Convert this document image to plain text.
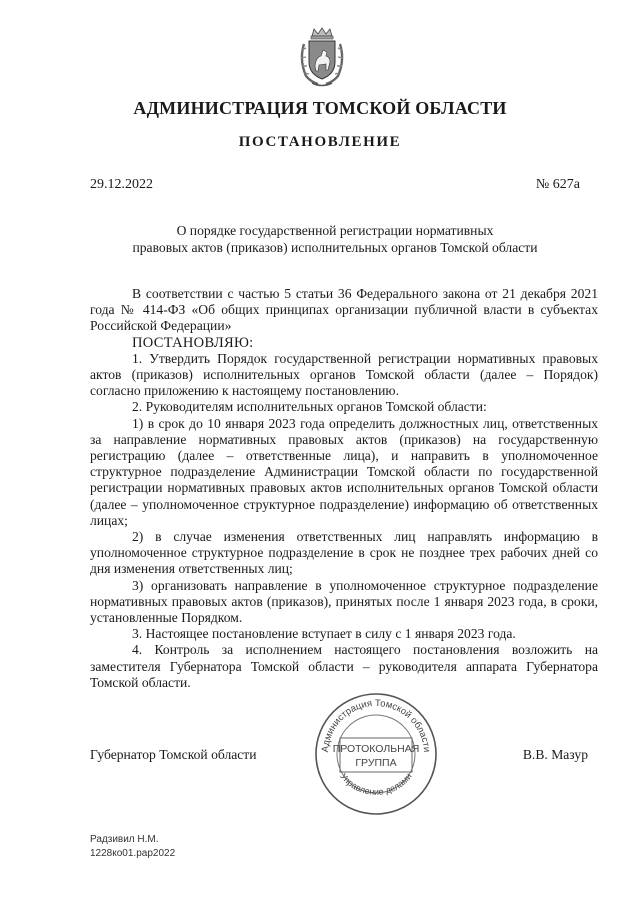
АДМИНИСТРАЦИЯ ТОМСКОЙ ОБЛАСТИ
ПОСТАНОВЛЕНИЕ
29.12.2022	№ 627а
О порядке государственной регистрации нормативных
правовых актов (приказов) исполнительных органов Томской области

В соответствии с частью 5 статьи 36 Федерального закона от 21 декабря 2021 года № 414-ФЗ «Об общих принципах организации публичной власти в субъектах Российской Федерации»

ПОСТАНОВЛЯЮ:

1. Утвердить Порядок государственной регистрации нормативных правовых актов (приказов) исполнительных органов Томской области (далее – Порядок) согласно приложению к настоящему постановлению.

2. Руководителям исполнительных органов Томской области:

1) в срок до 10 января 2023 года определить должностных лиц, ответственных за направление нормативных правовых актов (приказов) на государственную регистрацию (далее – ответственные лица), и направить в уполномоченное структурное подразделение Администрации Томской области по государственной регистрации нормативных правовых актов исполнительных органов Томской области (далее – уполномоченное структурное подразделение) информацию об ответственных лицах;

2) в случае изменения ответственных лиц направлять информацию в уполномоченное структурное подразделение в срок не позднее трех рабочих дней со дня изменения ответственных лиц;

3) организовать направление в уполномоченное структурное подразделение нормативных правовых актов (приказов), принятых после 1 января 2023 года, в сроки, установленные Порядком.

3. Настоящее постановление вступает в силу с 1 января 2023 года.

4. Контроль за исполнением настоящего постановления возложить на заместителя Губернатора Томской области – руководителя аппарата Губернатора Томской области.

Администрация Томской области
Управление делами
ПРОТОКОЛЬНАЯ
ГРУППА
Губернатор Томской области	В.В. Мазур
Радзивил Н.М.
1228ко01.рар2022
